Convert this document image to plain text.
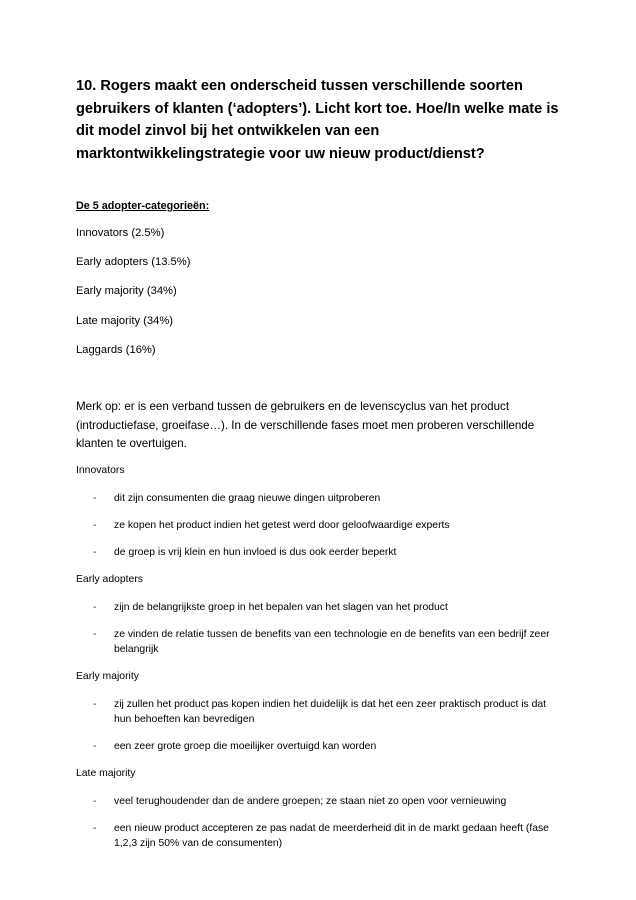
10. Rogers maakt een onderscheid tussen verschillende soorten gebruikers of klanten (‘adopters’). Licht kort toe. Hoe/In welke mate is dit model zinvol bij het ontwikkelen van een marktontwikkelingstrategie voor uw nieuw product/dienst?

De 5 adopter-categorieën:

Innovators (2.5%)
Early adopters (13.5%)
Early majority (34%)
Late majority (34%)
Laggards (16%)

Merk op: er is een verband tussen de gebruikers en de levenscyclus van het product (introductiefase, groeifase…). In de verschillende fases moet men proberen verschillende klanten te overtuigen.

Innovators

- dit zijn consumenten die graag nieuwe dingen uitproberen
- ze kopen het product indien het getest werd door geloofwaardige experts
- de groep is vrij klein en hun invloed is dus ook eerder beperkt

Early adopters

- zijn de belangrijkste groep in het bepalen van het slagen van het product
- ze vinden de relatie tussen de benefits van een technologie en de benefits van een bedrijf zeer belangrijk

Early majority

- zij zullen het product pas kopen indien het duidelijk is dat het een zeer praktisch product is dat hun behoeften kan bevredigen
- een zeer grote groep die moeilijker overtuigd kan worden

Late majority

- veel terughoudender dan de andere groepen; ze staan niet zo open voor vernieuwing
- een nieuw product accepteren ze pas nadat de meerderheid dit in de markt gedaan heeft (fase 1,2,3 zijn 50% van de consumenten)
